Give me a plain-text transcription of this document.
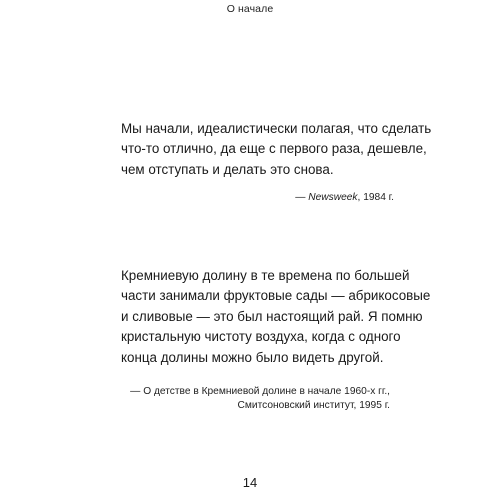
О начале

Мы начали, идеалистически полагая, что сделать
что-то отлично, да еще с первого раза, дешевле,
чем отступать и делать это снова.

— Newsweek, 1984 г.

Кремниевую долину в те времена по большей
части занимали фруктовые сады — абрикосовые
и сливовые — это был настоящий рай. Я помню
кристальную чистоту воздуха, когда с одного
конца долины можно было видеть другой.

— О детстве в Кремниевой долине в начале 1960-х гг.,
Смитсоновский институт, 1995 г.
14
